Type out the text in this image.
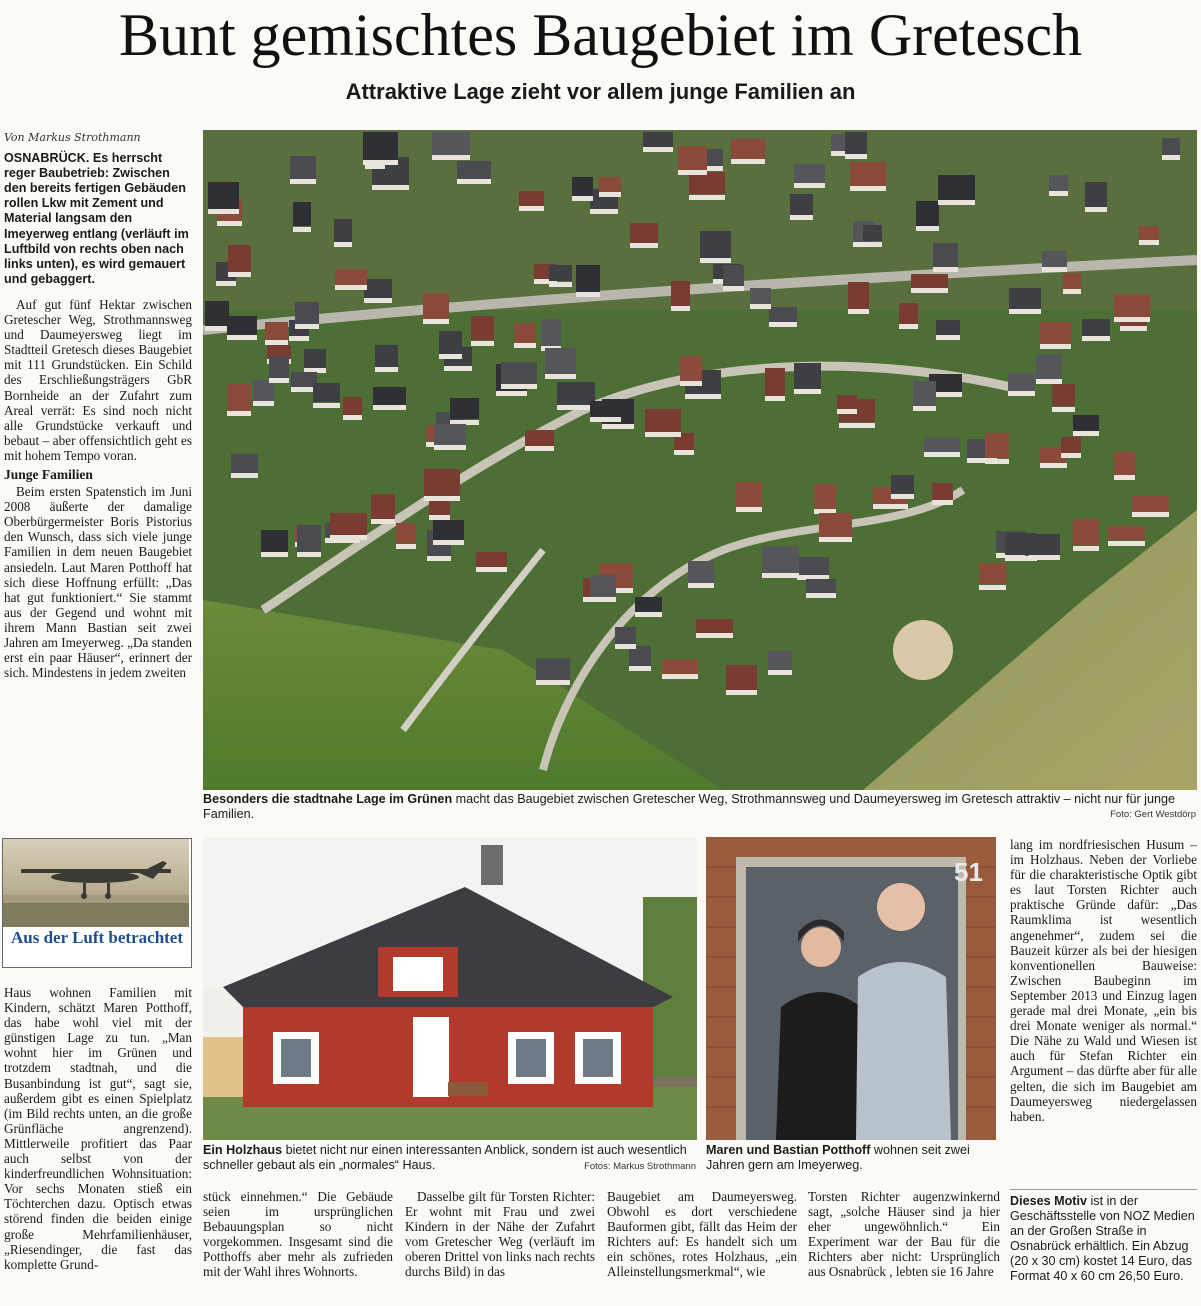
Bunt gemischtes Baugebiet im Gretesch
Attraktive Lage zieht vor allem junge Familien an
Von Markus Strothmann
OSNABRÜCK. Es herrscht reger Baubetrieb: Zwischen den bereits fertigen Gebäuden rollen Lkw mit Zement und Material langsam den Imeyerweg entlang (verläuft im Luftbild von rechts oben nach links unten), es wird gemauert und gebaggert.

Auf gut fünf Hektar zwischen Gretescher Weg, Strothmannsweg und Daumeyersweg liegt im Stadtteil Gretesch dieses Baugebiet mit 111 Grundstücken. Ein Schild des Erschließungsträgers GbR Bornheide an der Zufahrt zum Areal verrät: Es sind noch nicht alle Grundstücke verkauft und bebaut – aber offensichtlich geht es mit hohem Tempo voran.

Junge Familien

Beim ersten Spatenstich im Juni 2008 äußerte der damalige Oberbürgermeister Boris Pistorius den Wunsch, dass sich viele junge Familien in dem neuen Baugebiet ansiedeln. Laut Maren Potthoff hat sich diese Hoffnung erfüllt: „Das hat gut funktioniert.“ Sie stammt aus der Gegend und wohnt mit ihrem Mann Bastian seit zwei Jahren am Imeyerweg. „Da standen erst ein paar Häuser“, erinnert der sich. Mindestens in jedem zweiten

Aus der Luft betrachtet

Haus wohnen Familien mit Kindern, schätzt Maren Potthoff, das habe wohl viel mit der günstigen Lage zu tun. „Man wohnt hier im Grünen und trotzdem stadtnah, und die Busanbindung ist gut“, sagt sie, außerdem gibt es einen Spielplatz (im Bild rechts unten, an die große Grünfläche angrenzend). Mittlerweile profitiert das Paar auch selbst von der kinderfreundlichen Wohnsituation: Vor sechs Monaten stieß ein Töchterchen dazu. Optisch etwas störend finden die beiden einige große Mehrfamilienhäuser, „Riesendinger, die fast das komplette Grund-

Besonders die stadtnahe Lage im Grünen macht das Baugebiet zwischen Gretescher Weg, Strothmannsweg und Daumeyersweg im Gretesch attraktiv – nicht nur für junge Familien.	Foto: Gert Westdörp
Ein Holzhaus bietet nicht nur einen interessanten Anblick, sondern ist auch wesentlich schneller gebaut als ein „normales“ Haus.	Fotos: Markus Strothmann
51
Maren und Bastian Potthoff wohnen seit zwei Jahren gern am Imeyerweg.

stück einnehmen.“ Die Gebäude seien im ursprünglichen Bebauungsplan so nicht vorgekommen. Insgesamt sind die Potthoffs aber mehr als zufrieden mit der Wahl ihres Wohnorts.

Dasselbe gilt für Torsten Richter: Er wohnt mit Frau und zwei Kindern in der Nähe der Zufahrt vom Gretescher Weg (verläuft im oberen Drittel von links nach rechts durchs Bild) in das

Baugebiet am Daumeyersweg. Obwohl es dort verschiedene Bauformen gibt, fällt das Heim der Richters auf: Es handelt sich um ein schönes, rotes Holzhaus, „ein Alleinstellungsmerkmal“, wie

Torsten Richter augenzwinkernd sagt, „solche Häuser sind ja hier eher ungewöhnlich.“ Ein Experiment war der Bau für die Richters aber nicht: Ursprünglich aus Osnabrück , lebten sie 16 Jahre

lang im nordfriesischen Husum – im Holzhaus. Neben der Vorliebe für die charakteristische Optik gibt es laut Torsten Richter auch praktische Gründe dafür: „Das Raumklima ist wesentlich angenehmer“, zudem sei die Bauzeit kürzer als bei der hiesigen konventionellen Bauweise: Zwischen Baubeginn im September 2013 und Einzug lagen gerade mal drei Monate, „ein bis drei Monate weniger als normal.“ Die Nähe zu Wald und Wiesen ist auch für Stefan Richter ein Argument – das dürfte aber für alle gelten, die sich im Baugebiet am Daumeyersweg niedergelassen haben.

Dieses Motiv ist in der Geschäftsstelle von NOZ Medien an der Großen Straße in Osnabrück erhältlich. Ein Abzug (20 x 30 cm) kostet 14 Euro, das Format 40 x 60 cm 26,50 Euro.
